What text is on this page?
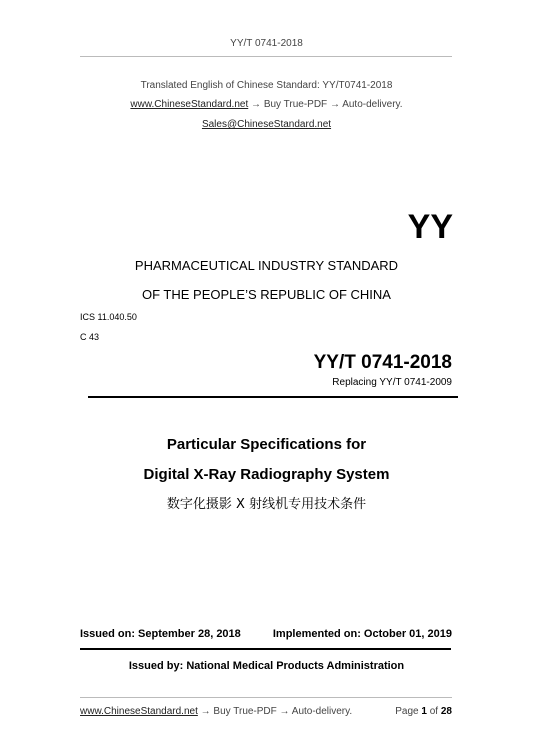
YY/T 0741-2018
Translated English of Chinese Standard: YY/T0741-2018
www.ChineseStandard.net → Buy True-PDF → Auto-delivery.
Sales@ChineseStandard.net
YY
PHARMACEUTICAL INDUSTRY STANDARD
OF THE PEOPLE’S REPUBLIC OF CHINA
ICS 11.040.50
C 43
YY/T 0741-2018
Replacing YY/T 0741-2009
Particular Specifications for
Digital X-Ray Radiography System
数字化摄影 X 射线机专用技术条件
Issued on: September 28, 2018	Implemented on: October 01, 2019
Issued by: National Medical Products Administration
www.ChineseStandard.net → Buy True-PDF → Auto-delivery.	Page 1 of 28
